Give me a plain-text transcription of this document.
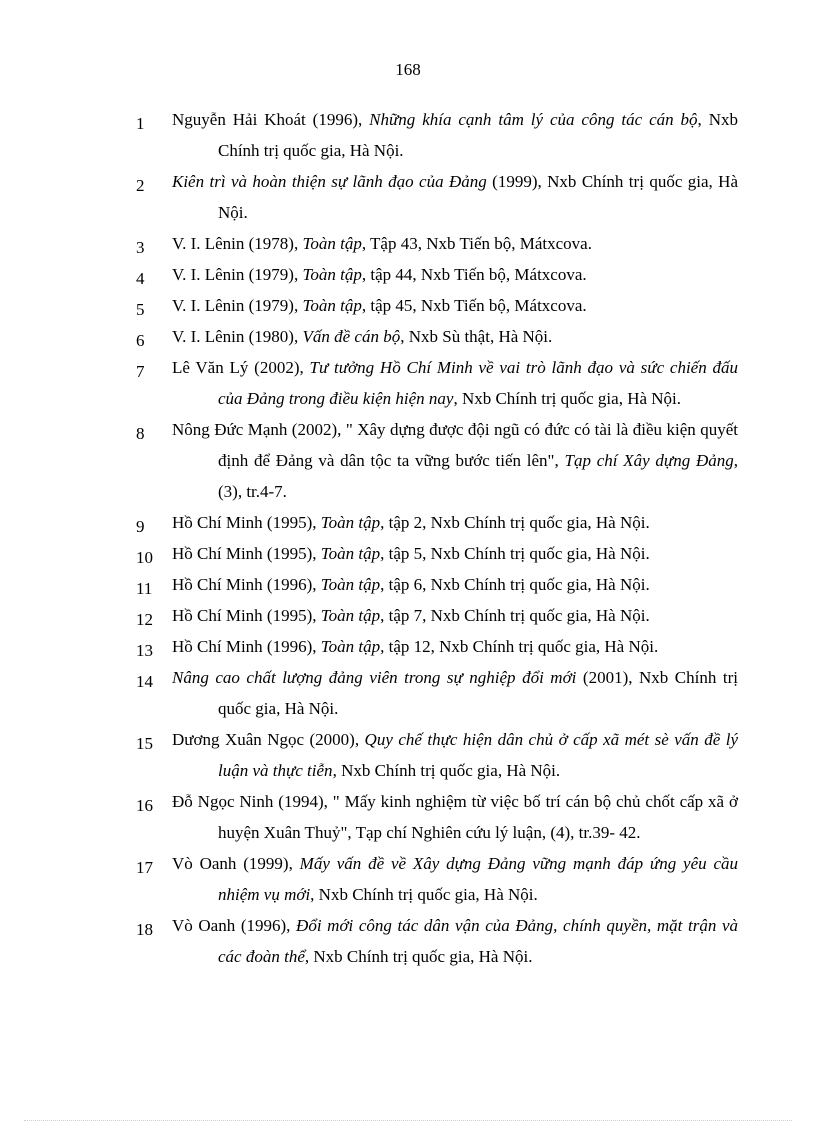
168
1 Nguyễn Hải Khoát (1996), Những khía cạnh tâm lý của công tác cán bộ, Nxb Chính trị quốc gia, Hà Nội.
2 Kiên trì và hoàn thiện sự lãnh đạo của Đảng (1999), Nxb Chính trị quốc gia, Hà Nội.
3 V. I. Lênin (1978), Toàn tập, Tập 43, Nxb Tiến bộ, Mátxcova.
4 V. I. Lênin (1979), Toàn tập, tập 44, Nxb Tiến bộ, Mátxcova.
5 V. I. Lênin (1979), Toàn tập, tập 45, Nxb Tiến bộ, Mátxcova.
6 V. I. Lênin (1980), Vấn đề cán bộ, Nxb Sù thật, Hà Nội.
7 Lê Văn Lý (2002), Tư tưởng Hồ Chí Minh về vai trò lãnh đạo và sức chiến đấu của Đảng trong điều kiện hiện nay, Nxb Chính trị quốc gia, Hà Nội.
8 Nông Đức Mạnh (2002), " Xây dựng được đội ngũ có đức có tài là điều kiện quyết định để Đảng và dân tộc ta vững bước tiến lên", Tạp chí Xây dựng Đảng, (3), tr.4-7.
9 Hồ Chí Minh (1995), Toàn tập, tập 2, Nxb Chính trị quốc gia, Hà Nội.
10 Hồ Chí Minh (1995), Toàn tập, tập 5, Nxb Chính trị quốc gia, Hà Nội.
11 Hồ Chí Minh (1996), Toàn tập, tập 6, Nxb Chính trị quốc gia, Hà Nội.
12 Hồ Chí Minh (1995), Toàn tập, tập 7, Nxb Chính trị quốc gia, Hà Nội.
13 Hồ Chí Minh (1996), Toàn tập, tập 12, Nxb Chính trị quốc gia, Hà Nội.
14 Nâng cao chất lượng đảng viên trong sự nghiệp đổi mới (2001), Nxb Chính trị quốc gia, Hà Nội.
15 Dương Xuân Ngọc (2000), Quy chế thực hiện dân chủ ở cấp xã mét sè vấn đề lý luận và thực tiễn, Nxb Chính trị quốc gia, Hà Nội.
16 Đỗ Ngọc Ninh (1994), " Mấy kinh nghiệm từ việc bố trí cán bộ chủ chốt cấp xã ở huyện Xuân Thuỷ", Tạp chí Nghiên cứu lý luận, (4), tr.39- 42.
17 Vò Oanh (1999), Mấy vấn đề về Xây dựng Đảng vững mạnh đáp ứng yêu cầu nhiệm vụ mới, Nxb Chính trị quốc gia, Hà Nội.
18 Vò Oanh (1996), Đổi mới công tác dân vận của Đảng, chính quyền, mặt trận và các đoàn thể, Nxb Chính trị quốc gia, Hà Nội.
